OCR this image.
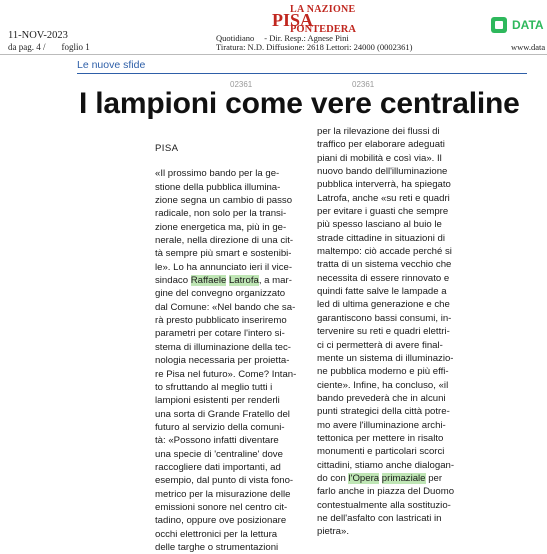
11-NOV-2023
da pag. 4 / foglio 1
LA NAZIONE
PISA
PONTEDERA
Quotidiano - Dir. Resp.: Agnese Pini
Tiratura: N.D. Diffusione: 2618 Lettori: 24000 (0002361)
DATA
www.data
Le nuove sfide
02361	02361
I lampioni come vere centraline
PISA
«Il prossimo bando per la ge-
stione della pubblica illumina-
zione segna un cambio di passo
radicale, non solo per la transi-
zione energetica ma, più in ge-
nerale, nella direzione di una cit-
tà sempre più smart e sostenibi-
le». Lo ha annunciato ieri il vice-
sindaco Raffaele Latrofa, a mar-
gine del convegno organizzato
dal Comune: «Nel bando che sa-
rà presto pubblicato inseriremo
parametri per cotare l'intero si-
stema di illuminazione della tec-
nologia necessaria per proietta-
re Pisa nel futuro». Come? Intan-
to sfruttando al meglio tutti i
lampioni esistenti per renderli
una sorta di Grande Fratello del
futuro al servizio della comuni-
tà: «Possono infatti diventare
una specie di 'centraline' dove
raccogliere dati importanti, ad
esempio, dal punto di vista fono-
metrico per la misurazione delle
emissioni sonore nel centro cit-
tadino, oppure ove posizionare
occhi elettronici per la lettura
delle targhe o strumentazioni
per la rilevazione dei flussi di
traffico per elaborare adeguati
piani di mobilità e così via». Il
nuovo bando dell'illuminazione
pubblica interverrà, ha spiegato
Latrofa, anche «su reti e quadri
per evitare i guasti che sempre
più spesso lasciano al buio le
strade cittadine in situazioni di
maltempo: ciò accade perché si
tratta di un sistema vecchio che
necessita di essere rinnovato e
quindi fatte salve le lampade a
led di ultima generazione e che
garantiscono bassi consumi, in-
tervenire su reti e quadri elettri-
ci ci permetterà di avere final-
mente un sistema di illuminazio-
ne pubblica moderno e più effi-
ciente». Infine, ha concluso, «il
bando prevederà che in alcuni
punti strategici della città potre-
mo avere l'illuminazione archi-
tettonica per mettere in risalto
monumenti e particolari scorci
cittadini, stiamo anche dialogan-
do con l'Opera primaziale per
farlo anche in piazza del Duomo
contestualmente alla sostituzio-
ne dell'asfalto con lastricati in
pietra».
